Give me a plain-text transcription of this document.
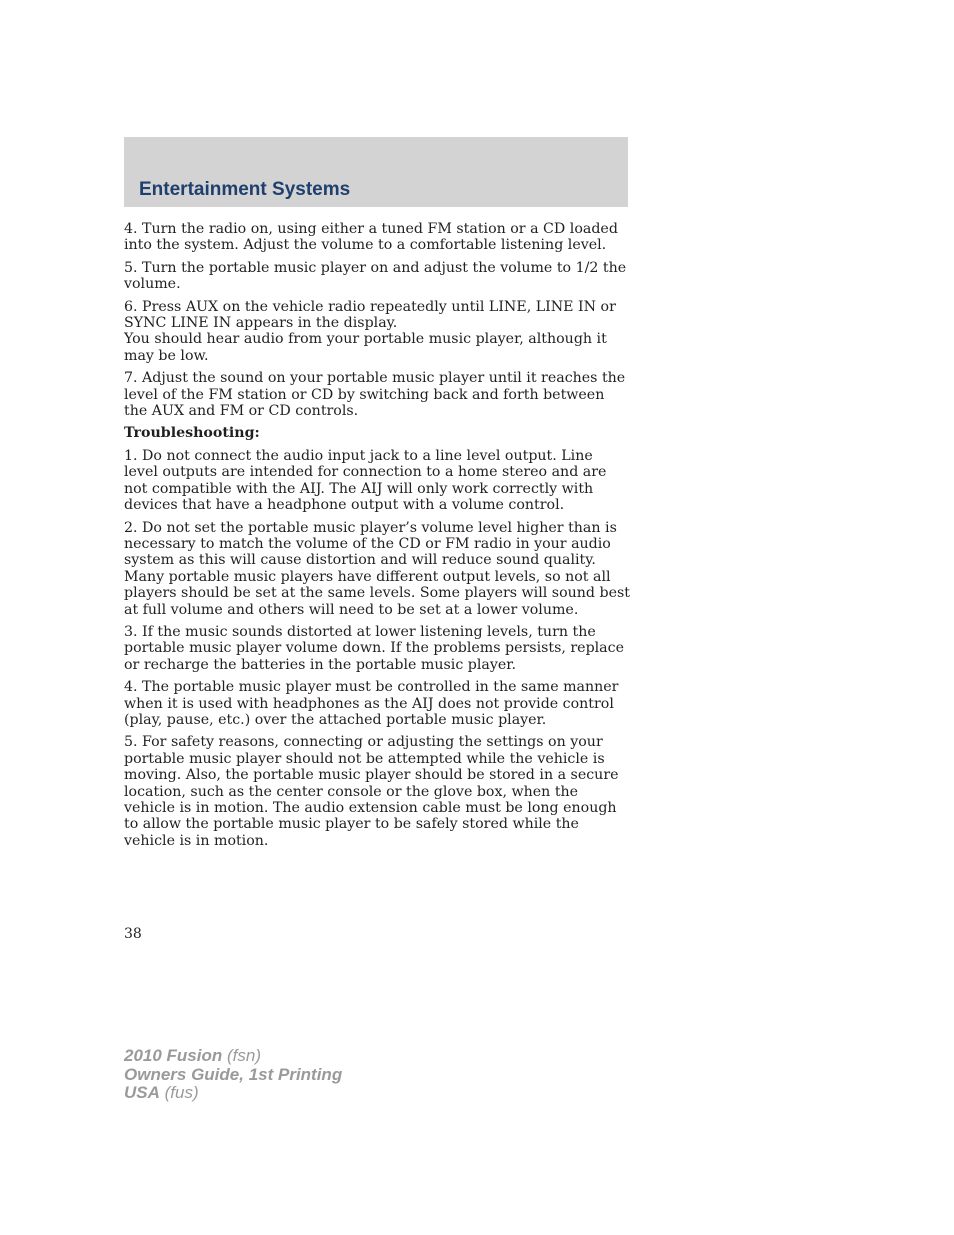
Entertainment Systems

4. Turn the radio on, using either a tuned FM station or a CD loaded into the system. Adjust the volume to a comfortable listening level.

5. Turn the portable music player on and adjust the volume to 1/2 the volume.

6. Press AUX on the vehicle radio repeatedly until LINE, LINE IN or SYNC LINE IN appears in the display.

You should hear audio from your portable music player, although it may be low.

7. Adjust the sound on your portable music player until it reaches the level of the FM station or CD by switching back and forth between the AUX and FM or CD controls.

Troubleshooting:

1. Do not connect the audio input jack to a line level output. Line level outputs are intended for connection to a home stereo and are not compatible with the AIJ. The AIJ will only work correctly with devices that have a headphone output with a volume control.

2. Do not set the portable music player’s volume level higher than is necessary to match the volume of the CD or FM radio in your audio system as this will cause distortion and will reduce sound quality. Many portable music players have different output levels, so not all players should be set at the same levels. Some players will sound best at full volume and others will need to be set at a lower volume.

3. If the music sounds distorted at lower listening levels, turn the portable music player volume down. If the problems persists, replace or recharge the batteries in the portable music player.

4. The portable music player must be controlled in the same manner when it is used with headphones as the AIJ does not provide control (play, pause, etc.) over the attached portable music player.

5. For safety reasons, connecting or adjusting the settings on your portable music player should not be attempted while the vehicle is moving. Also, the portable music player should be stored in a secure location, such as the center console or the glove box, when the vehicle is in motion. The audio extension cable must be long enough to allow the portable music player to be safely stored while the vehicle is in motion.

38
2010 Fusion (fsn)
Owners Guide, 1st Printing
USA (fus)
